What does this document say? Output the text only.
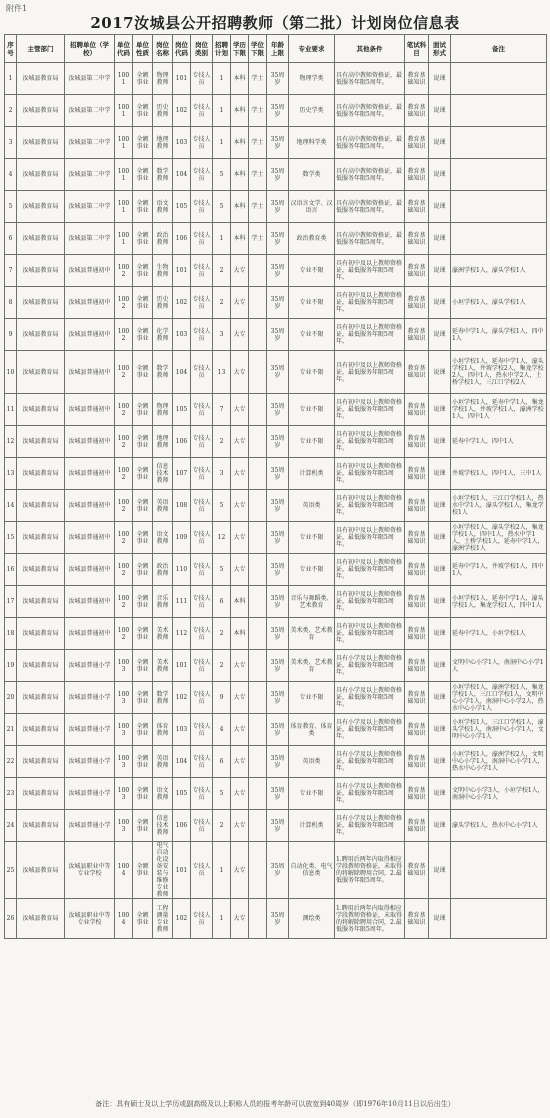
附件1
2017汝城县公开招聘教师（第二批）计划岗位信息表
序号	主管部门	招聘单位（学校）	单位代码	单位性质	岗位名称	岗位代码	岗位类别	招聘计划	学历下限	学位下限	年龄上限	专业要求	其他条件	笔试科目	面试形式	备注
1	汝城县教育局	汝城县第二中学	1001	全额事业	物理教师	101	专技人员	1	本科	学士	35周岁	物理学类	具有高中教师资格证，最低服务年限5周年。	教育基础知识	说课	
2	汝城县教育局	汝城县第二中学	1001	全额事业	历史教师	102	专技人员	1	本科	学士	35周岁	历史学类	具有高中教师资格证，最低服务年限5周年。	教育基础知识	说课	
3	汝城县教育局	汝城县第二中学	1001	全额事业	地理教师	103	专技人员	1	本科	学士	35周岁	地理科学类	具有高中教师资格证，最低服务年限5周年。	教育基础知识	说课	
4	汝城县教育局	汝城县第二中学	1001	全额事业	数学教师	104	专技人员	5	本科	学士	35周岁	数学类	具有高中教师资格证，最低服务年限5周年。	教育基础知识	说课	
5	汝城县教育局	汝城县第二中学	1001	全额事业	语文教师	105	专技人员	5	本科	学士	35周岁	汉语言文学、汉语言	具有高中教师资格证，最低服务年限5周年。	教育基础知识	说课	
6	汝城县教育局	汝城县第二中学	1001	全额事业	政治教师	106	专技人员	1	本科	学士	35周岁	政治教育类	具有高中教师资格证，最低服务年限5周年。	教育基础知识	说课	
7	汝城县教育局	汝城县普通初中	1002	全额事业	生物教师	101	专技人员	2	大专		35周岁	专业不限	具有初中及以上教师资格证，最低服务年限5周年。	教育基础知识	说课	濠洲学校1人，濠头学校1人
8	汝城县教育局	汝城县普通初中	1002	全额事业	历史教师	102	专技人员	2	大专		35周岁	专业不限	具有初中及以上教师资格证，最低服务年限5周年。	教育基础知识	说课	小垣学校1人，濠头学校1人
9	汝城县教育局	汝城县普通初中	1002	全额事业	化学教师	103	专技人员	3	大专		35周岁	专业不限	具有初中及以上教师资格证，最低服务年限5周年。	教育基础知识	说课	延寿中学1人，濠头学校1人，四中1人
10	汝城县教育局	汝城县普通初中	1002	全额事业	数学教师	104	专技人员	13	大专		35周岁	专业不限	具有初中及以上教师资格证，最低服务年限5周年。	教育基础知识	说课	小垣学校1人，延寿中学1人，濠头学校1人，井坡学校2人，集龙学校2人，四中1人，热水中学2人，土桥学校1人，三江口学校2人
11	汝城县教育局	汝城县普通初中	1002	全额事业	物理教师	105	专技人员	7	大专		35周岁	专业不限	具有初中及以上教师资格证，最低服务年限5周年。	教育基础知识	说课	小垣学校1人，延寿中学1人，集龙学校1人，井坡学校1人，濠洲学校1人，四中1人
12	汝城县教育局	汝城县普通初中	1002	全额事业	地理教师	106	专技人员	2	大专		35周岁	专业不限	具有初中及以上教师资格证，最低服务年限5周年。	教育基础知识	说课	延寿中学1人，四中1人
13	汝城县教育局	汝城县普通初中	1002	全额事业	信息技术教师	107	专技人员	3	大专		35周岁	计算机类	具有初中及以上教师资格证，最低服务年限5周年。	教育基础知识	说课	井坡学校1人，四中1人，三中1人
14	汝城县教育局	汝城县普通初中	1002	全额事业	英语教师	108	专技人员	5	大专		35周岁	英语类	具有初中及以上教师资格证，最低服务年限5周年。	教育基础知识	说课	小垣学校1人，三江口学校1人，热水中学1人，濠头学校1人，集龙学校1人
15	汝城县教育局	汝城县普通初中	1002	全额事业	语文教师	109	专技人员	12	大专		35周岁	专业不限	具有初中及以上教师资格证，最低服务年限5周年。	教育基础知识	说课	小垣学校1人，濠头学校2人，集龙学校1人，四中1人，热水中学1人，土桥学校1人，延寿中学1人，濠洲学校1人
16	汝城县教育局	汝城县普通初中	1002	全额事业	政治教师	110	专技人员	5	大专		35周岁	专业不限	具有初中及以上教师资格证，最低服务年限5周年。	教育基础知识	说课	延寿中学1人，井坡学校1人，四中1人
17	汝城县教育局	汝城县普通初中	1002	全额事业	音乐教师	111	专技人员	6	本科		35周岁	音乐与舞蹈类、艺术教育	具有初中及以上教师资格证，最低服务年限5周年。	教育基础知识	说课	小垣学校1人，延寿中学1人，濠头学校1人，集龙学校1人，四中1人
18	汝城县教育局	汝城县普通初中	1002	全额事业	美术教师	112	专技人员	2	本科		35周岁	美术类、艺术教育	具有初中及以上教师资格证，最低服务年限5周年。	教育基础知识	说课	延寿中学1人，小垣学校1人
19	汝城县教育局	汝城县普通小学	1003	全额事业	美术教师	101	专技人员	2	大专		35周岁	美术类、艺术教育	具有小学及以上教师资格证，最低服务年限5周年。	教育基础知识	说课	文明中心小学1人，南洞中心小学1人
20	汝城县教育局	汝城县普通小学	1003	全额事业	数学教师	102	专技人员	9	大专		35周岁	专业不限	具有小学及以上教师资格证，最低服务年限5周年。	教育基础知识	说课	小垣学校1人，濠洲学校1人，集龙学校1人，三江口学校1人，文明中心小学1人，南洞中心小学2人，热水中心小学1人
21	汝城县教育局	汝城县普通小学	1003	全额事业	体育教师	103	专技人员	4	大专		35周岁	体育教育、体育类	具有小学及以上教师资格证，最低服务年限5周年。	教育基础知识	说课	小垣学校1人，三江口学校1人，濠头学校1人，南洞中心小学1人，文明中心小学1人
22	汝城县教育局	汝城县普通小学	1003	全额事业	英语教师	104	专技人员	6	大专		35周岁	英语类	具有小学及以上教师资格证，最低服务年限5周年。	教育基础知识	说课	小垣学校1人，濠洲学校2人，文明中心小学1人，南洞中心小学1人，热水中心小学1人
23	汝城县教育局	汝城县普通小学	1003	全额事业	语文教师	105	专技人员	5	大专		35周岁	专业不限	具有小学及以上教师资格证，最低服务年限5周年。	教育基础知识	说课	文明中心小学3人，小垣学校1人，南洞中心小学1人
24	汝城县教育局	汝城县普通小学	1003	全额事业	信息技术教师	106	专技人员	2	大专		35周岁	计算机类	具有小学及以上教师资格证，最低服务年限5周年。	教育基础知识	说课	濠头学校1人，热水中心小学1人
25	汝城县教育局	汝城县职业中等专业学校	1004	全额事业	电气自动化设备安装与维修专业教师	101	专技人员	1	大专		35周岁	自动化类、电气信息类	1.聘用后两年内取得相应学段教师资格证，未取得的将解除聘用合同，2.最低服务年限5周年。	教育基础知识	说课	
26	汝城县教育局	汝城县职业中等专业学校	1004	全额事业	工程测量专业教师	102	专技人员	1	大专		35周岁	测绘类	1.聘用后两年内取得相应学段教师资格证，未取得的将解除聘用合同，2.最低服务年限5周年。	教育基础知识	说课	
备注：具有硕士及以上学历或副高级及以上职称人员的报考年龄可以放宽到40周岁（即1976年10月11日以后出生）
